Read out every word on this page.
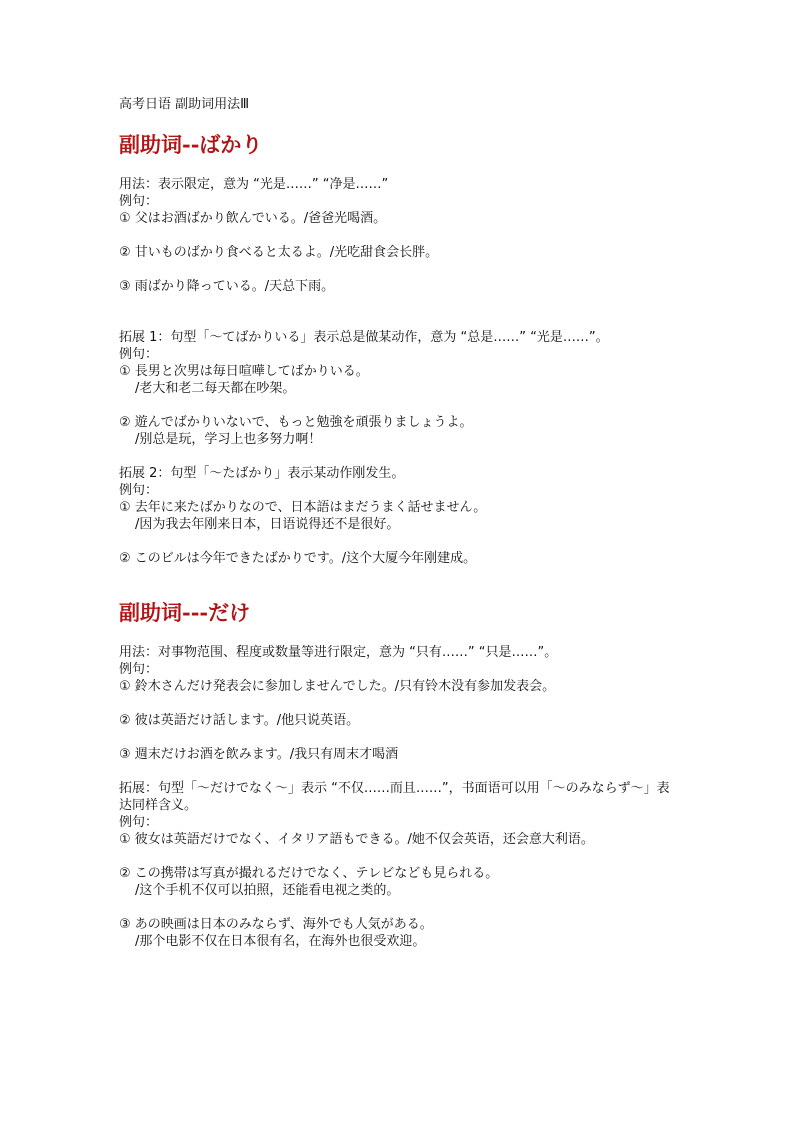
高考日语 副助词用法Ⅲ

副助词--ばかり

用法：表示限定，意为 “光是……” “净是……”

例句：

① 父はお酒ばかり飲んでいる。/爸爸光喝酒。

② 甘いものばかり食べると太るよ。/光吃甜食会长胖。

③ 雨ばかり降っている。/天总下雨。

拓展 1：句型「～てばかりいる」表示总是做某动作，意为 “总是……” “光是……”。

例句：

① 長男と次男は毎日喧嘩してばかりいる。

/老大和老二每天都在吵架。

② 遊んでばかりいないで、もっと勉強を頑張りましょうよ。

/别总是玩，学习上也多努力啊！

拓展 2：句型「～たばかり」表示某动作刚发生。

例句：

① 去年に来たばかりなので、日本語はまだうまく話せません。

/因为我去年刚来日本，日语说得还不是很好。

② このビルは今年できたばかりです。/这个大厦今年刚建成。

副助词---だけ

用法：对事物范围、程度或数量等进行限定，意为 “只有……” “只是……”。

例句：

① 鈴木さんだけ発表会に参加しませんでした。/只有铃木没有参加发表会。

② 彼は英語だけ話します。/他只说英语。

③ 週末だけお酒を飲みます。/我只有周末才喝酒

拓展：句型「～だけでなく～」表示 “不仅……而且……”，书面语可以用「～のみならず～」表达同样含义。

例句：

① 彼女は英語だけでなく、イタリア語もできる。/她不仅会英语，还会意大利语。

② この携帯は写真が撮れるだけでなく、テレビなども見られる。

/这个手机不仅可以拍照，还能看电视之类的。

③ あの映画は日本のみならず、海外でも人気がある。

/那个电影不仅在日本很有名，在海外也很受欢迎。
